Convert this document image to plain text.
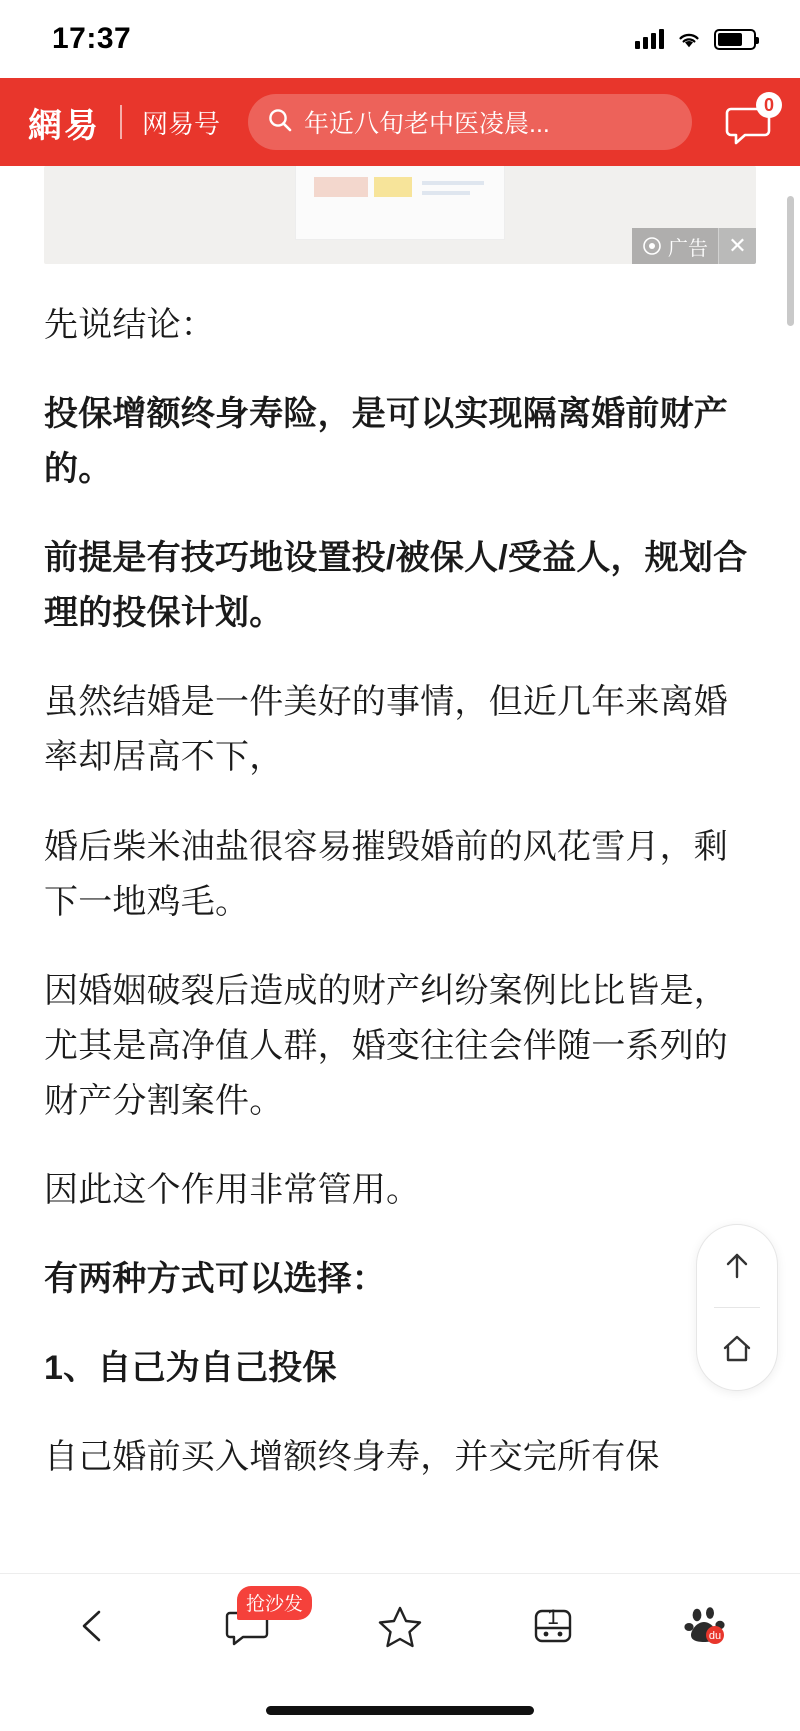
17:37
網易 网易号	年近八旬老中医凌晨...
0
广告 ✕

先说结论：

投保增额终身寿险，是可以实现隔离婚前财产的。

前提是有技巧地设置投/被保人/受益人，规划合理的投保计划。

虽然结婚是一件美好的事情，但近几年来离婚率却居高不下，

婚后柴米油盐很容易摧毁婚前的风花雪月，剩下一地鸡毛。

因婚姻破裂后造成的财产纠纷案例比比皆是，尤其是高净值人群，婚变往往会伴随一系列的财产分割案件。

因此这个作用非常管用。

有两种方式可以选择：

1、自己为自己投保

自己婚前买入增额终身寿，并交完所有保

抢沙发
1
du
